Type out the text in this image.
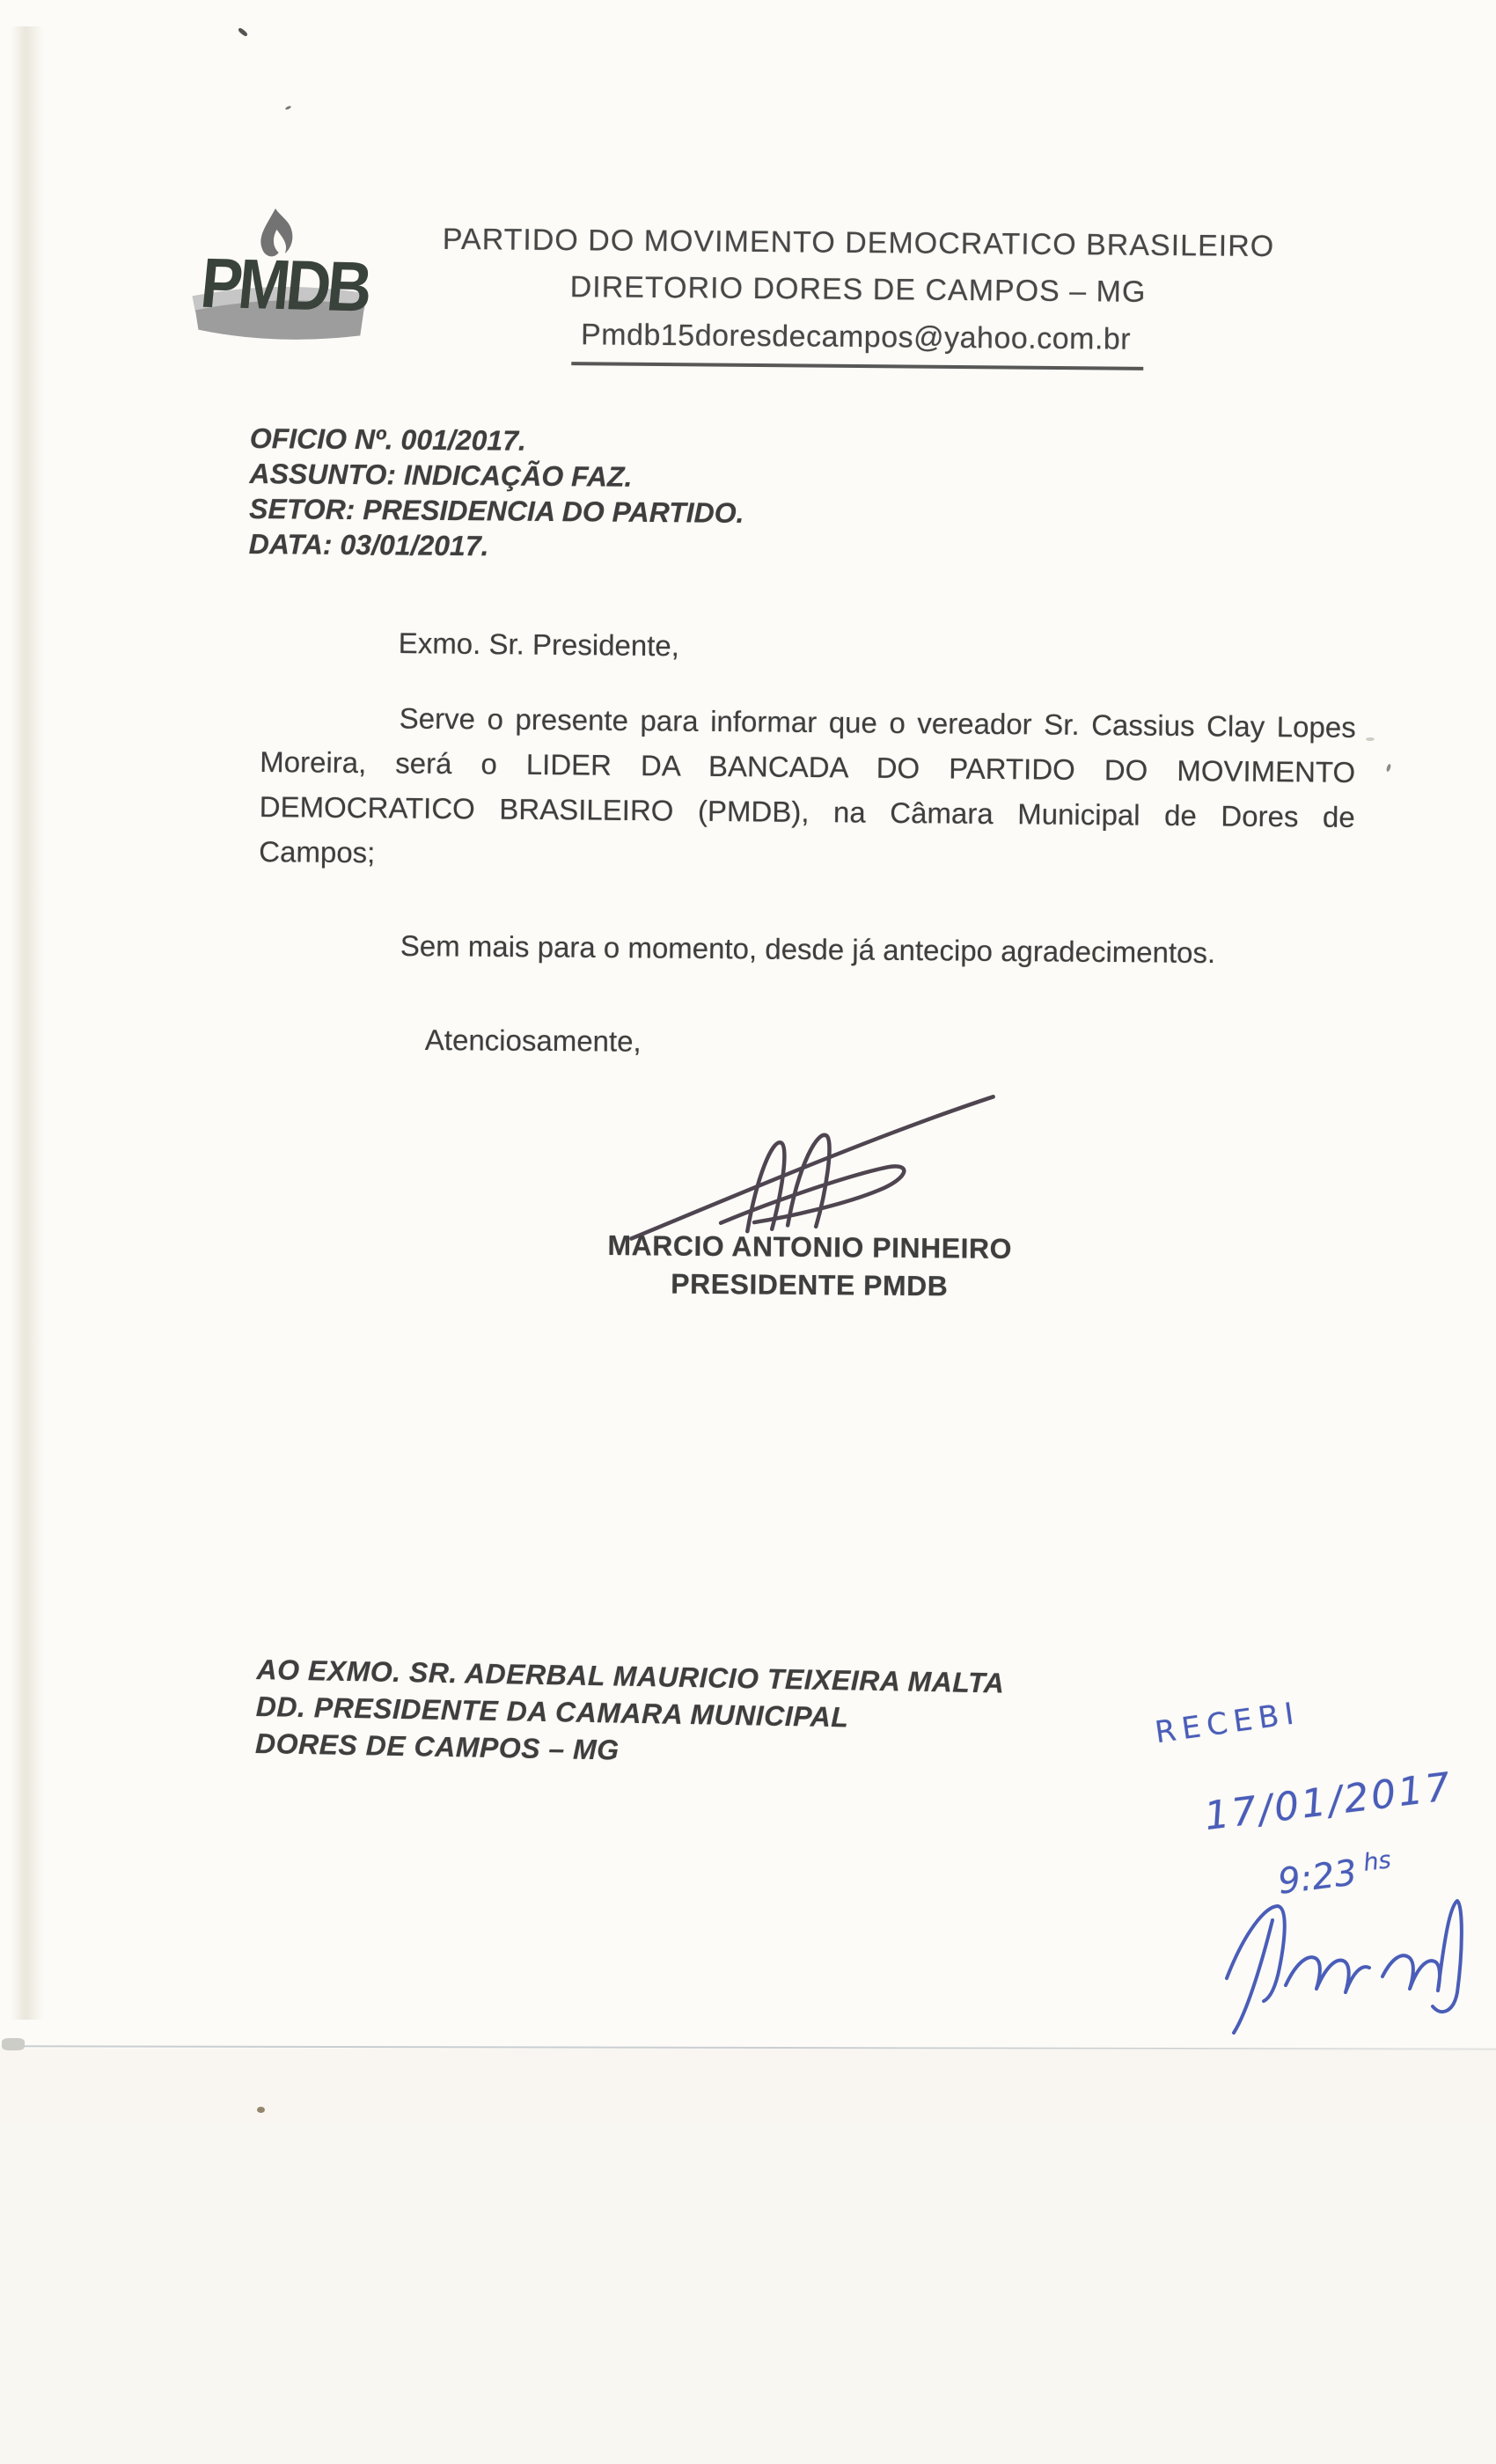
PMDB
PARTIDO DO MOVIMENTO DEMOCRATICO BRASILEIRO
DIRETORIO DORES DE CAMPOS – MG
Pmdb15doresdecampos@yahoo.com.br
OFICIO Nº. 001/2017.
ASSUNTO: INDICAÇÃO FAZ.
SETOR: PRESIDENCIA DO PARTIDO.
DATA: 03/01/2017.
Exmo. Sr. Presidente,
Serve o presente para informar que o vereador Sr. Cassius Clay Lopes
Moreira, será o LIDER DA BANCADA DO PARTIDO DO MOVIMENTO
DEMOCRATICO BRASILEIRO (PMDB), na Câmara Municipal de Dores de
Campos;
Sem mais para o momento, desde já antecipo agradecimentos.
Atenciosamente,
MARCIO ANTONIO PINHEIRO
PRESIDENTE PMDB
AO EXMO. SR. ADERBAL MAURICIO TEIXEIRA MALTA
DD. PRESIDENTE DA CAMARA MUNICIPAL
DORES DE CAMPOS – MG	RECEBI
17/01/2017
9:23 $^{hs}$
